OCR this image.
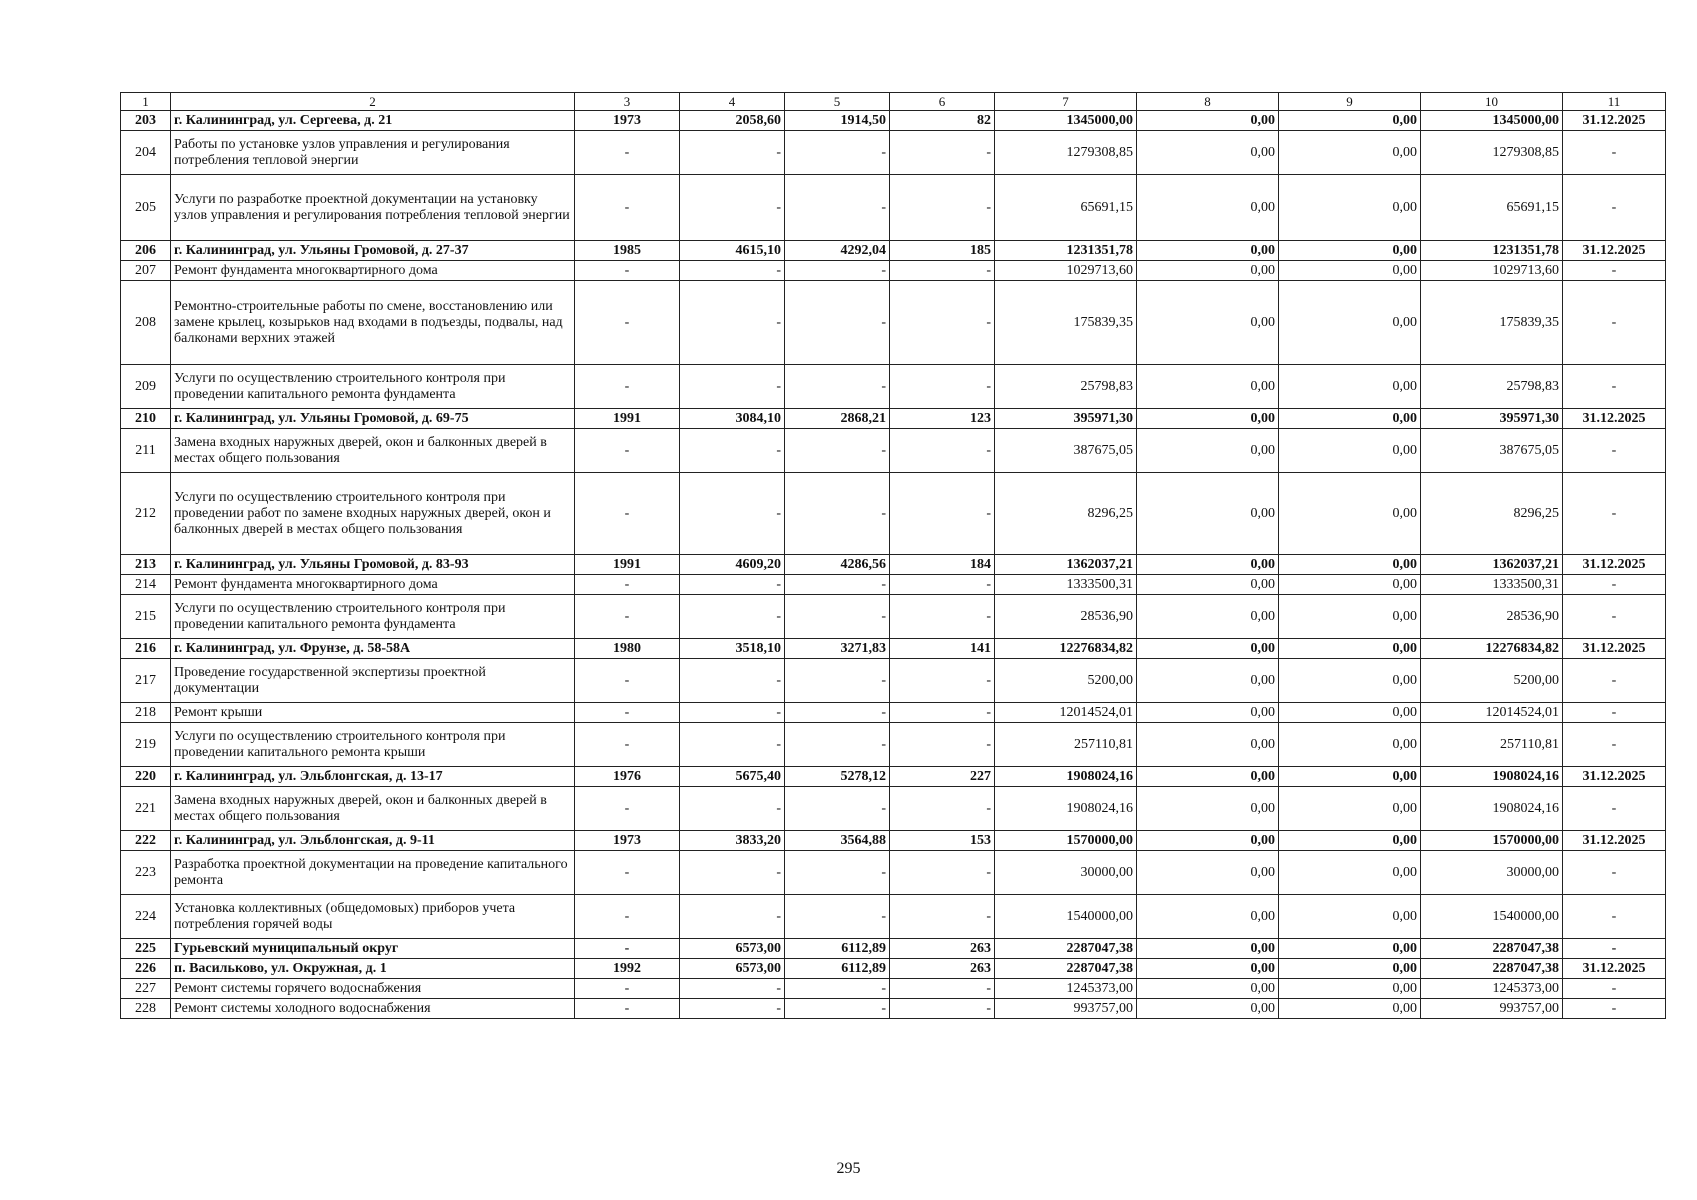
1	2	3	4	5	6	7	8	9	10	11
203	г. Калининград, ул. Сергеева, д. 21	1973	2058,60	1914,50	82	1345000,00	0,00	0,00	1345000,00	31.12.2025
204	Работы по установке узлов управления и регулирования потребления тепловой энергии	-	-	-	-	1279308,85	0,00	0,00	1279308,85	-
205	Услуги по разработке проектной документации на установку узлов управления и регулирования потребления тепловой энергии	-	-	-	-	65691,15	0,00	0,00	65691,15	-
206	г. Калининград, ул. Ульяны Громовой, д. 27-37	1985	4615,10	4292,04	185	1231351,78	0,00	0,00	1231351,78	31.12.2025
207	Ремонт фундамента многоквартирного дома	-	-	-	-	1029713,60	0,00	0,00	1029713,60	-
208	Ремонтно-строительные работы по смене, восстановлению или замене крылец, козырьков над входами в подъезды, подвалы, над балконами верхних этажей	-	-	-	-	175839,35	0,00	0,00	175839,35	-
209	Услуги по осуществлению строительного контроля при проведении капитального ремонта фундамента	-	-	-	-	25798,83	0,00	0,00	25798,83	-
210	г. Калининград, ул. Ульяны Громовой, д. 69-75	1991	3084,10	2868,21	123	395971,30	0,00	0,00	395971,30	31.12.2025
211	Замена входных наружных дверей, окон и балконных дверей в местах общего пользования	-	-	-	-	387675,05	0,00	0,00	387675,05	-
212	Услуги по осуществлению строительного контроля при проведении работ по замене входных наружных дверей, окон и балконных дверей в местах общего пользования	-	-	-	-	8296,25	0,00	0,00	8296,25	-
213	г. Калининград, ул. Ульяны Громовой, д. 83-93	1991	4609,20	4286,56	184	1362037,21	0,00	0,00	1362037,21	31.12.2025
214	Ремонт фундамента многоквартирного дома	-	-	-	-	1333500,31	0,00	0,00	1333500,31	-
215	Услуги по осуществлению строительного контроля при проведении капитального ремонта фундамента	-	-	-	-	28536,90	0,00	0,00	28536,90	-
216	г. Калининград, ул. Фрунзе, д. 58-58А	1980	3518,10	3271,83	141	12276834,82	0,00	0,00	12276834,82	31.12.2025
217	Проведение государственной экспертизы проектной документации	-	-	-	-	5200,00	0,00	0,00	5200,00	-
218	Ремонт крыши	-	-	-	-	12014524,01	0,00	0,00	12014524,01	-
219	Услуги по осуществлению строительного контроля при проведении капитального ремонта крыши	-	-	-	-	257110,81	0,00	0,00	257110,81	-
220	г. Калининград, ул. Эльблонгская, д. 13-17	1976	5675,40	5278,12	227	1908024,16	0,00	0,00	1908024,16	31.12.2025
221	Замена входных наружных дверей, окон и балконных дверей в местах общего пользования	-	-	-	-	1908024,16	0,00	0,00	1908024,16	-
222	г. Калининград, ул. Эльблонгская, д. 9-11	1973	3833,20	3564,88	153	1570000,00	0,00	0,00	1570000,00	31.12.2025
223	Разработка проектной документации на проведение капитального ремонта	-	-	-	-	30000,00	0,00	0,00	30000,00	-
224	Установка коллективных (общедомовых) приборов учета потребления горячей воды	-	-	-	-	1540000,00	0,00	0,00	1540000,00	-
225	Гурьевский муниципальный округ	-	6573,00	6112,89	263	2287047,38	0,00	0,00	2287047,38	-
226	п. Васильково, ул. Окружная, д. 1	1992	6573,00	6112,89	263	2287047,38	0,00	0,00	2287047,38	31.12.2025
227	Ремонт системы горячего водоснабжения	-	-	-	-	1245373,00	0,00	0,00	1245373,00	-
228	Ремонт системы холодного водоснабжения	-	-	-	-	993757,00	0,00	0,00	993757,00	-
295
